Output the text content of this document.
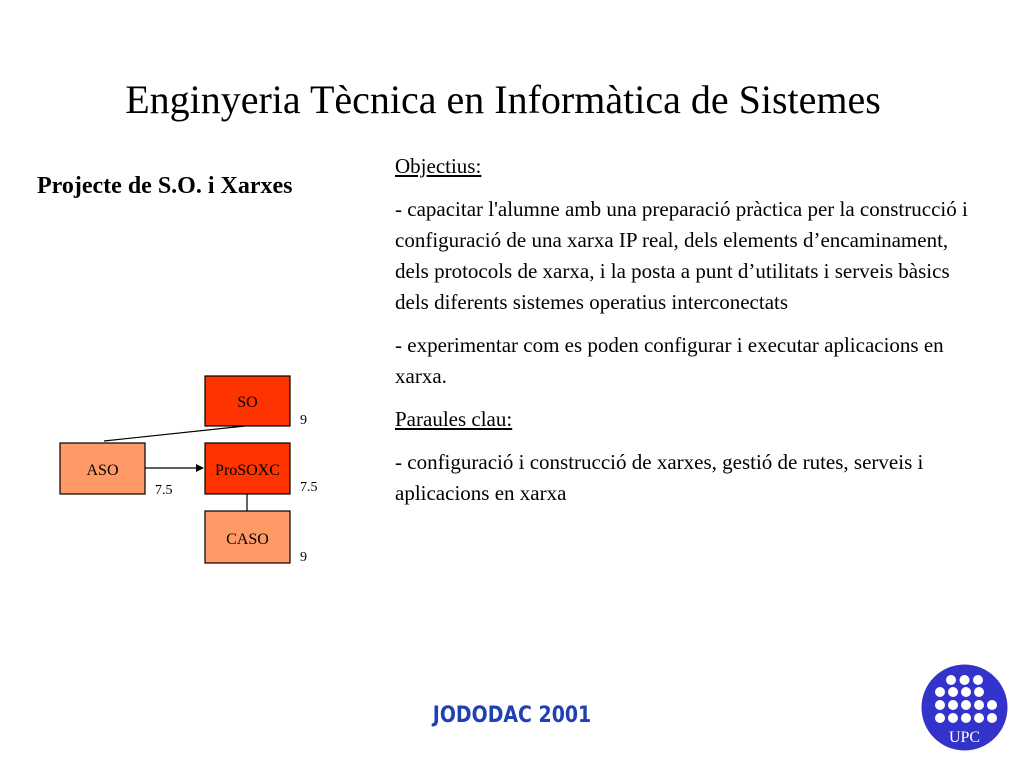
Enginyeria Tècnica en Informàtica de Sistemes
Projecte de S.O. i Xarxes

Objectius:

- capacitar l'alumne amb una preparació pràctica per la construcció i configuració de una xarxa IP real, dels elements d’encaminament, dels protocols de xarxa, i la posta a punt d’utilitats i serveis bàsics dels diferents sistemes operatius interconectats

- experimentar com es poden configurar i executar aplicacions en xarxa.

Paraules clau:

- configuració i construcció de xarxes, gestió de rutes, serveis i aplicacions en xarxa

SO
9
ASO
7.5
ProSOXC
7.5
CASO
9
JODODAC 2001
UPC
